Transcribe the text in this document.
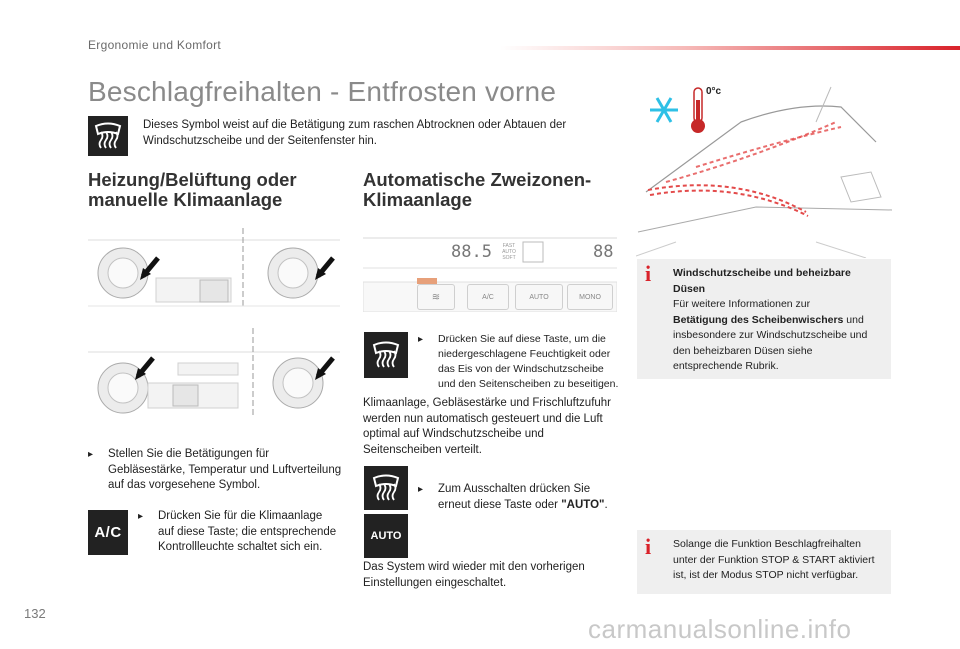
Ergonomie und Komfort
Beschlagfreihalten - Entfrosten vorne
Dieses Symbol weist auf die Betätigung zum raschen Abtrocknen oder Abtauen der Windschutzscheibe und der Seitenfenster hin.
Heizung/Belüftung oder manuelle Klimaanlage
▸ Stellen Sie die Betätigungen für Gebläsestärke, Temperatur und Luftverteilung auf das vorgesehene Symbol.
A/C
▸ Drücken Sie für die Klimaanlage auf diese Taste; die entsprechende Kontrollleuchte schaltet sich ein.
Automatische Zweizonen-Klimaanlage
88.5	FAST AUTO SOFT	88
≋	A/C	AUTO	MONO
▸ Drücken Sie auf diese Taste, um die niedergeschlagene Feuchtigkeit oder das Eis von der Windschutzscheibe und den Seitenscheiben zu beseitigen.
Klimaanlage, Gebläsestärke und Frischluftzufuhr werden nun automatisch gesteuert und die Luft optimal auf Windschutzscheibe und Seitenscheiben verteilt.
AUTO
▸ Zum Ausschalten drücken Sie erneut diese Taste oder "AUTO".
Das System wird wieder mit den vorherigen Einstellungen eingeschaltet.
0°c
i Windschutzscheibe und beheizbare Düsen
Für weitere Informationen zur
Betätigung des Scheibenwischers und insbesondere zur Windschutzscheibe und den beheizbaren Düsen siehe entsprechende Rubrik.
i Solange die Funktion Beschlagfreihalten unter der Funktion STOP & START aktiviert ist, ist der Modus STOP nicht verfügbar.
132
carmanualsonline.info
